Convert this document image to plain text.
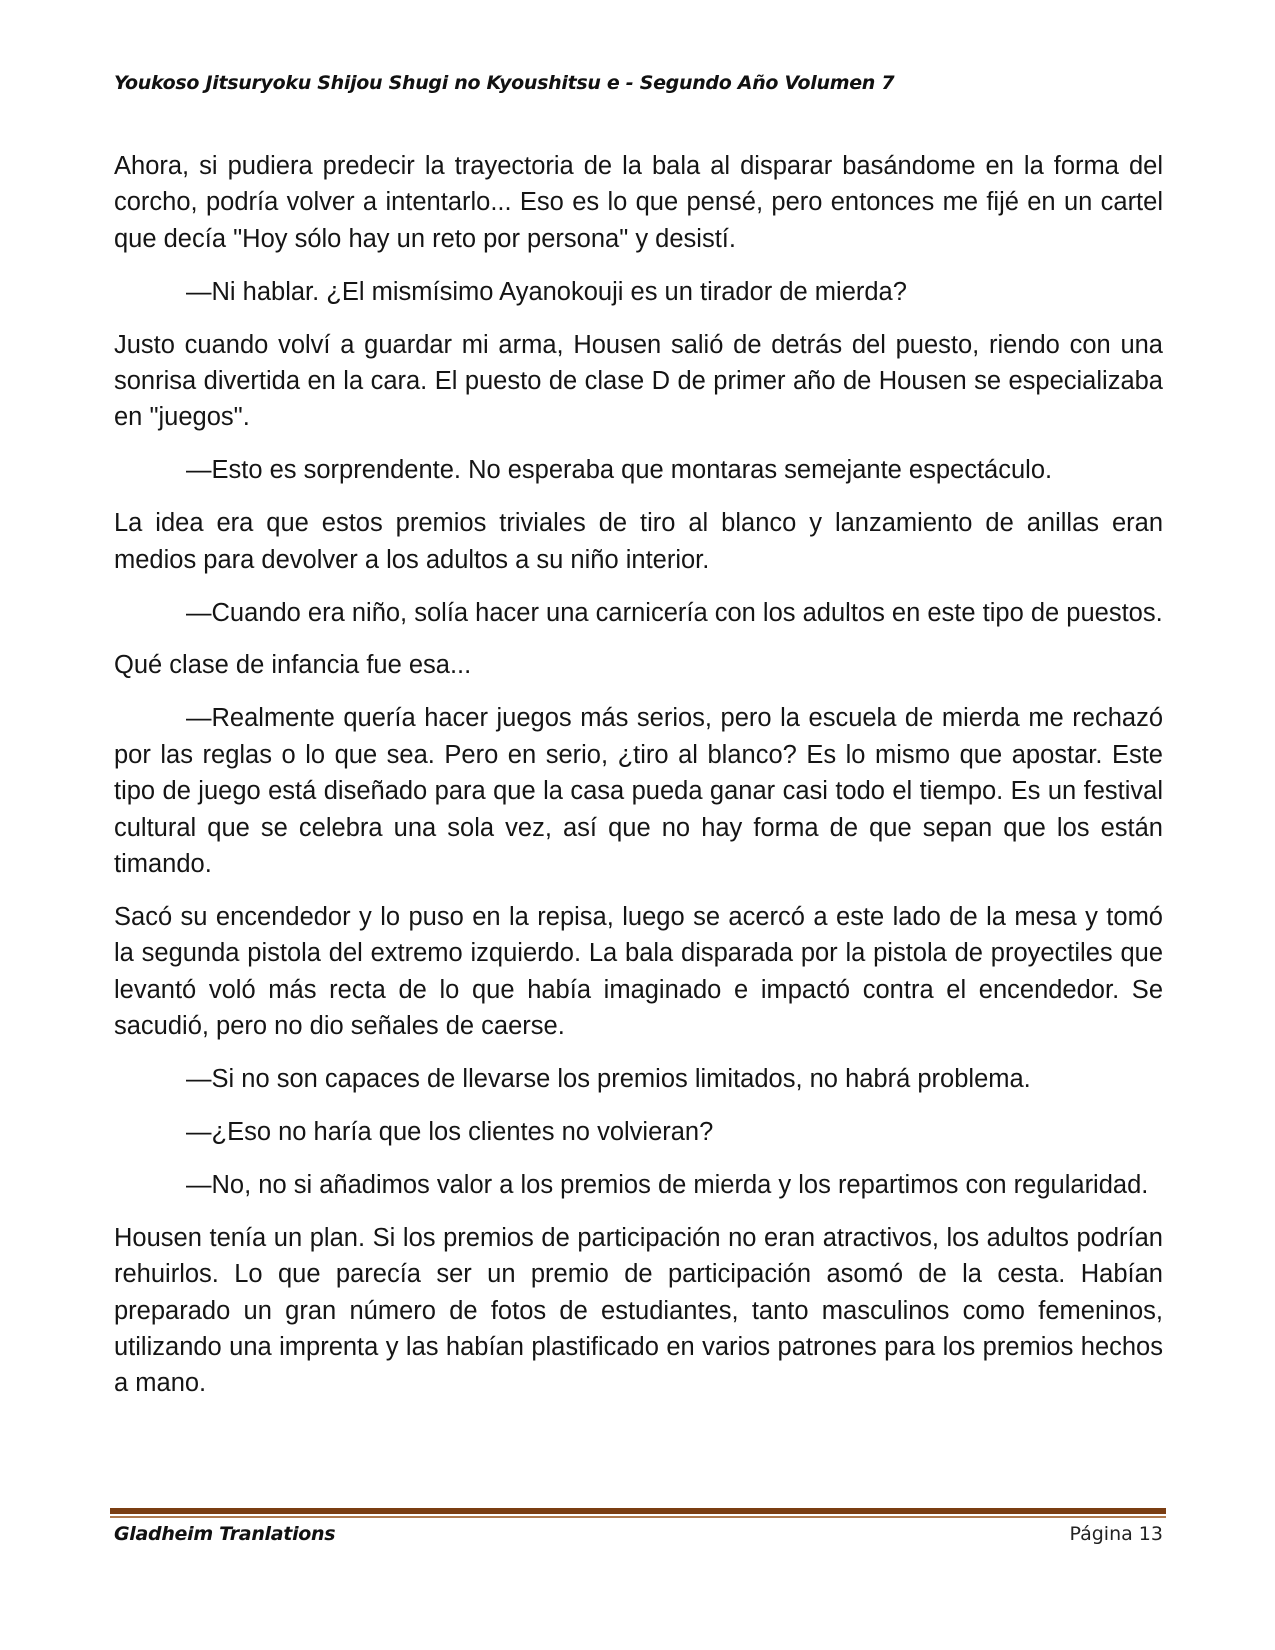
Youkoso Jitsuryoku Shijou Shugi no Kyoushitsu e - Segundo Año Volumen 7

Ahora, si pudiera predecir la trayectoria de la bala al disparar basándome en la forma del corcho, podría volver a intentarlo... Eso es lo que pensé, pero entonces me fijé en un cartel que decía "Hoy sólo hay un reto por persona" y desistí.

—Ni hablar. ¿El mismísimo Ayanokouji es un tirador de mierda?

Justo cuando volví a guardar mi arma, Housen salió de detrás del puesto, riendo con una sonrisa divertida en la cara. El puesto de clase D de primer año de Housen se especializaba en "juegos".

—Esto es sorprendente. No esperaba que montaras semejante espectáculo.

La idea era que estos premios triviales de tiro al blanco y lanzamiento de anillas eran medios para devolver a los adultos a su niño interior.

—Cuando era niño, solía hacer una carnicería con los adultos en este tipo de puestos.

Qué clase de infancia fue esa...

—Realmente quería hacer juegos más serios, pero la escuela de mierda me rechazó por las reglas o lo que sea. Pero en serio, ¿tiro al blanco? Es lo mismo que apostar. Este tipo de juego está diseñado para que la casa pueda ganar casi todo el tiempo. Es un festival cultural que se celebra una sola vez, así que no hay forma de que sepan que los están timando.

Sacó su encendedor y lo puso en la repisa, luego se acercó a este lado de la mesa y tomó la segunda pistola del extremo izquierdo. La bala disparada por la pistola de proyectiles que levantó voló más recta de lo que había imaginado e impactó contra el encendedor. Se sacudió, pero no dio señales de caerse.

—Si no son capaces de llevarse los premios limitados, no habrá problema.

—¿Eso no haría que los clientes no volvieran?

—No, no si añadimos valor a los premios de mierda y los repartimos con regularidad.

Housen tenía un plan. Si los premios de participación no eran atractivos, los adultos podrían rehuirlos. Lo que parecía ser un premio de participación asomó de la cesta. Habían preparado un gran número de fotos de estudiantes, tanto masculinos como femeninos, utilizando una imprenta y las habían plastificado en varios patrones para los premios hechos a mano.

Gladheim Tranlations	Página 13
